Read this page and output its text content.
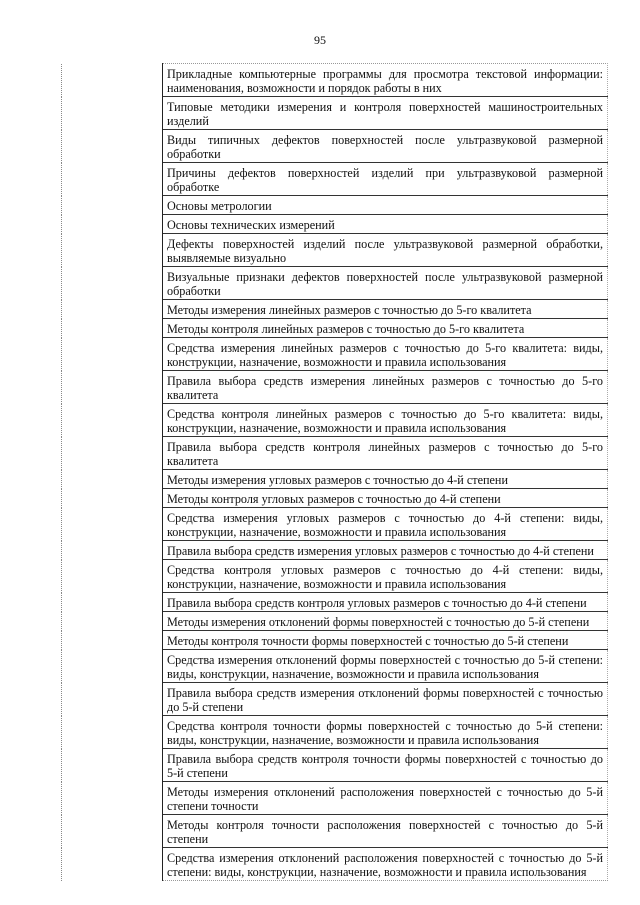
95
	Прикладные компьютерные программы для просмотра текстовой информации: наименования, возможности и порядок работы в них
	Типовые методики измерения и контроля поверхностей машиностроительных изделий
	Виды типичных дефектов поверхностей после ультразвуковой размерной обработки
	Причины дефектов поверхностей изделий при ультразвуковой размерной обработке
	Основы метрологии
	Основы технических измерений
	Дефекты поверхностей изделий после ультразвуковой размерной обработки, выявляемые визуально
	Визуальные признаки дефектов поверхностей после ультразвуковой размерной обработки
	Методы измерения линейных размеров с точностью до 5-го квалитета
	Методы контроля линейных размеров с точностью до 5-го квалитета
	Средства измерения линейных размеров с точностью до 5-го квалитета: виды, конструкции, назначение, возможности и правила использования
	Правила выбора средств измерения линейных размеров с точностью до 5-го квалитета
	Средства контроля линейных размеров с точностью до 5-го квалитета: виды, конструкции, назначение, возможности и правила использования
	Правила выбора средств контроля линейных размеров с точностью до 5-го квалитета
	Методы измерения угловых размеров с точностью до 4-й степени
	Методы контроля угловых размеров с точностью до 4-й степени
	Средства измерения угловых размеров с точностью до 4-й степени: виды, конструкции, назначение, возможности и правила использования
	Правила выбора средств измерения угловых размеров с точностью до 4-й степени
	Средства контроля угловых размеров с точностью до 4-й степени: виды, конструкции, назначение, возможности и правила использования
	Правила выбора средств контроля угловых размеров с точностью до 4-й степени
	Методы измерения отклонений формы поверхностей с точностью до 5-й степени
	Методы контроля точности формы поверхностей с точностью до 5-й степени
	Средства измерения отклонений формы поверхностей с точностью до 5-й степени: виды, конструкции, назначение, возможности и правила использования
	Правила выбора средств измерения отклонений формы поверхностей с точностью до 5-й степени
	Средства контроля точности формы поверхностей с точностью до 5-й степени: виды, конструкции, назначение, возможности и правила использования
	Правила выбора средств контроля точности формы поверхностей с точностью до 5-й степени
	Методы измерения отклонений расположения поверхностей с точностью до 5-й степени точности
	Методы контроля точности расположения поверхностей с точностью до 5-й степени
	Средства измерения отклонений расположения поверхностей с точностью до 5-й степени: виды, конструкции, назначение, возможности и правила использования
